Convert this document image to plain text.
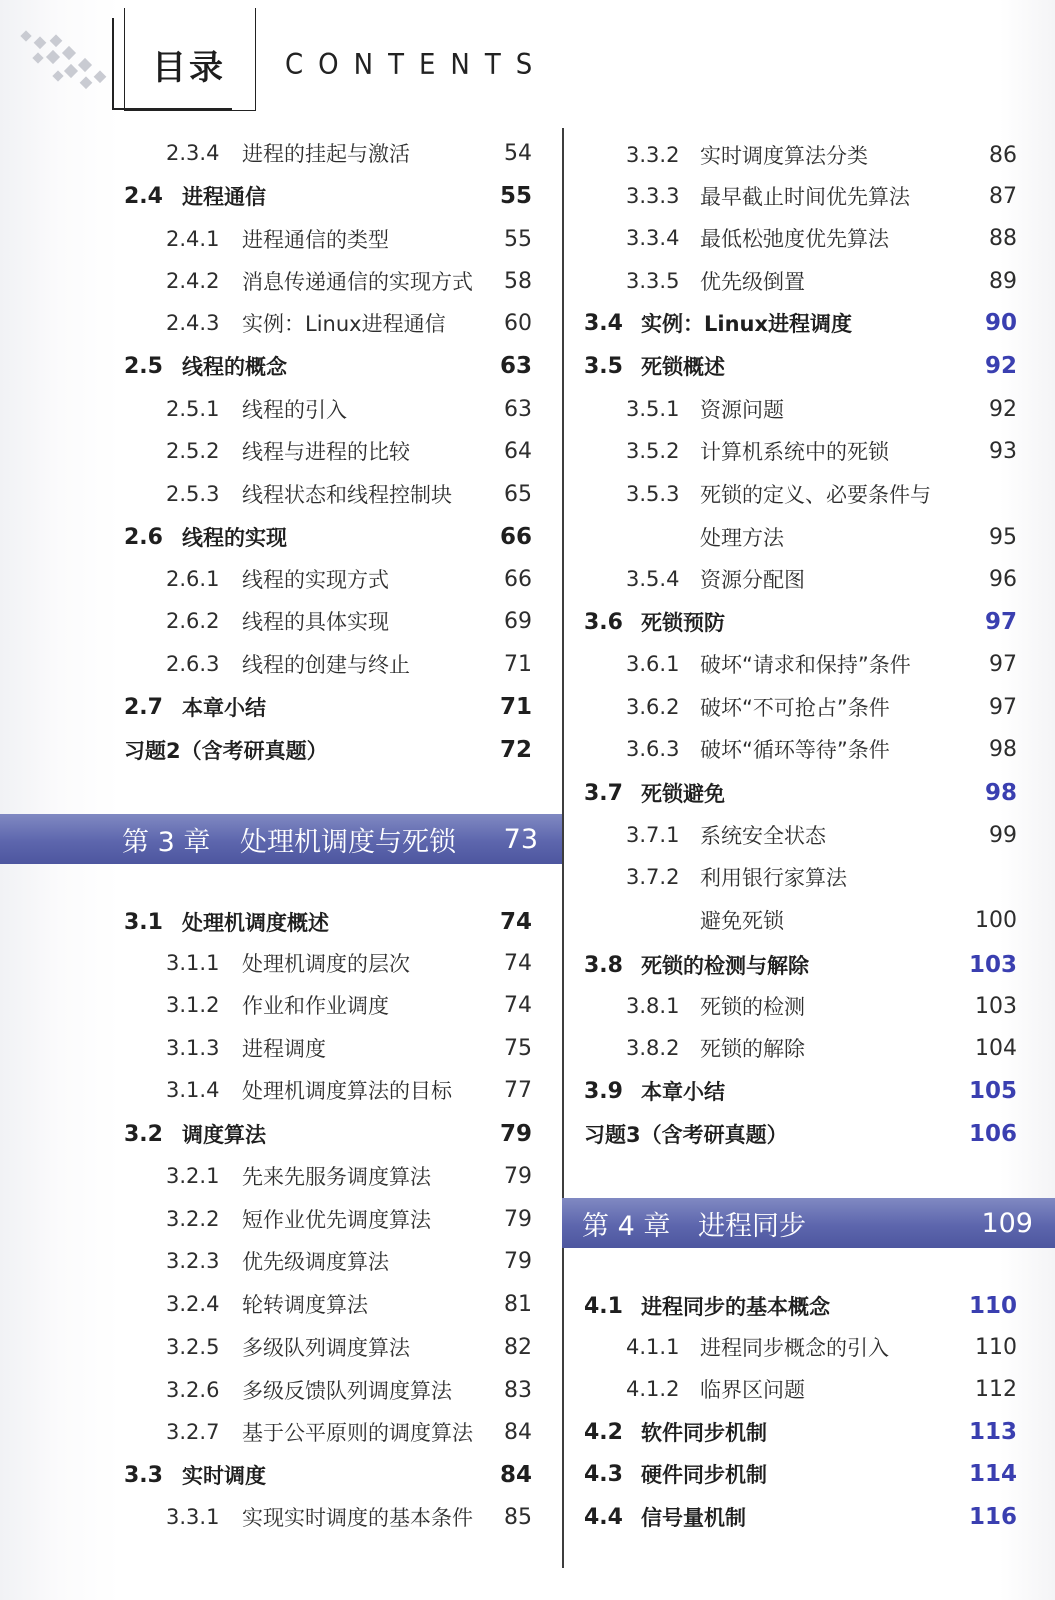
目录 CONTENTS
第 3 章 处理机调度与死锁 73
第 4 章 进程同步	109
2.3.4 进程的挂起与激活	54
2.4 进程通信	55
2.4.1 进程通信的类型	55
2.4.2 消息传递通信的实现方式	58
2.4.3 实例：Linux进程通信	60
2.5 线程的概念	63
2.5.1 线程的引入	63
2.5.2 线程与进程的比较	64
2.5.3 线程状态和线程控制块	65
2.6 线程的实现	66
2.6.1 线程的实现方式	66
2.6.2 线程的具体实现	69
2.6.3 线程的创建与终止	71
2.7 本章小结	71
习题2（含考研真题）	72
3.1 处理机调度概述	74
3.1.1 处理机调度的层次	74
3.1.2 作业和作业调度	74
3.1.3 进程调度	75
3.1.4 处理机调度算法的目标	77
3.2 调度算法	79
3.2.1 先来先服务调度算法	79
3.2.2 短作业优先调度算法	79
3.2.3 优先级调度算法	79
3.2.4 轮转调度算法	81
3.2.5 多级队列调度算法	82
3.2.6 多级反馈队列调度算法	83
3.2.7 基于公平原则的调度算法	84
3.3 实时调度	84
3.3.1 实现实时调度的基本条件	85
3.3.2 实时调度算法分类	86
3.3.3 最早截止时间优先算法	87
3.3.4 最低松弛度优先算法	88
3.3.5 优先级倒置	89
3.4 实例：Linux进程调度	90
3.5 死锁概述	92
3.5.1 资源问题	92
3.5.2 计算机系统中的死锁	93
3.5.3 死锁的定义、必要条件与
处理方法	95
3.5.4 资源分配图	96
3.6 死锁预防	97
3.6.1 破坏“请求和保持”条件	97
3.6.2 破坏“不可抢占”条件	97
3.6.3 破坏“循环等待”条件	98
3.7 死锁避免	98
3.7.1 系统安全状态	99
3.7.2 利用银行家算法
避免死锁	100
3.8 死锁的检测与解除	103
3.8.1 死锁的检测	103
3.8.2 死锁的解除	104
3.9 本章小结	105
习题3（含考研真题）	106
4.1 进程同步的基本概念	110
4.1.1 进程同步概念的引入	110
4.1.2 临界区问题	112
4.2 软件同步机制	113
4.3 硬件同步机制	114
4.4 信号量机制	116
